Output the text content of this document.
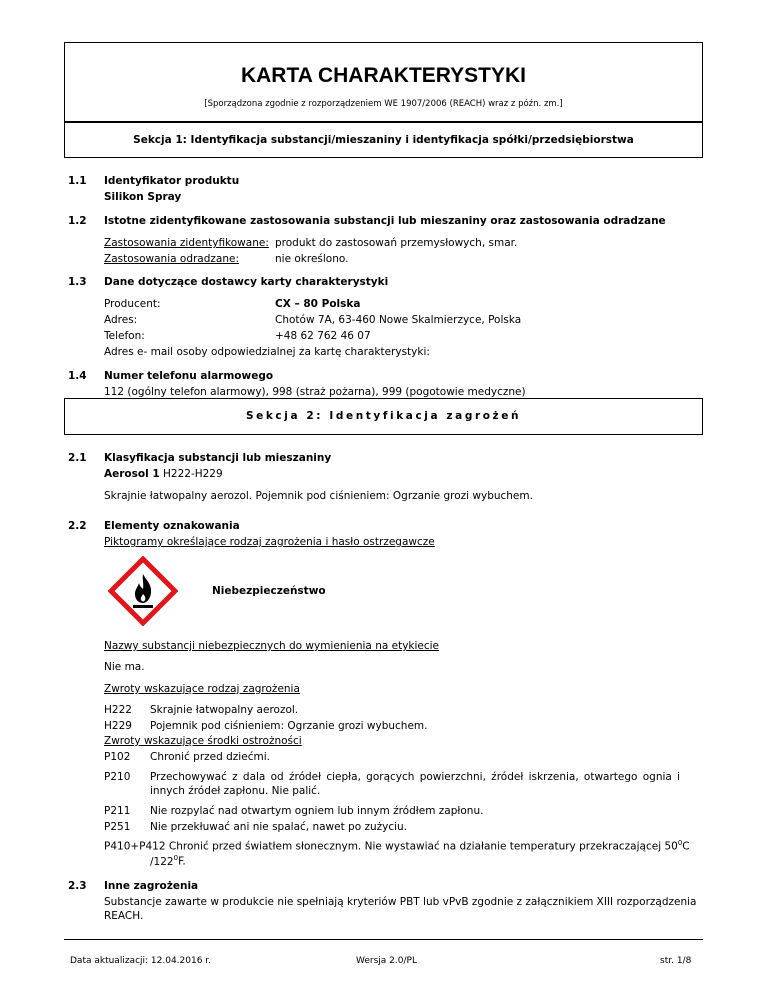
KARTA CHARAKTERYSTYKI
[Sporządzona zgodnie z rozporządzeniem WE 1907/2006 (REACH) wraz z późn. zm.]
Sekcja 1: Identyfikacja substancji/mieszaniny i identyfikacja spółki/przedsiębiorstwa
1.1 Identyfikator produktu
Silikon Spray
1.2 Istotne zidentyfikowane zastosowania substancji lub mieszaniny oraz zastosowania odradzane
Zastosowania zidentyfikowane: produkt do zastosowań przemysłowych, smar.
Zastosowania odradzane:	nie określono.
1.3 Dane dotyczące dostawcy karty charakterystyki
Producent:	CX – 80 Polska
Adres:	Chotów 7A, 63-460 Nowe Skalmierzyce, Polska
Telefon:	+48 62 762 46 07
Adres e- mail osoby odpowiedzialnej za kartę charakterystyki:
1.4 Numer telefonu alarmowego
112 (ogólny telefon alarmowy), 998 (straż pożarna), 999 (pogotowie medyczne)
Sekcja 2: Identyfikacja zagrożeń
2.1 Klasyfikacja substancji lub mieszaniny
Aerosol 1 H222-H229
Skrajnie łatwopalny aerozol. Pojemnik pod ciśnieniem: Ogrzanie grozi wybuchem.
2.2 Elementy oznakowania
Piktogramy określające rodzaj zagrożenia i hasło ostrzegawcze
Niebezpieczeństwo
Nazwy substancji niebezpiecznych do wymienienia na etykiecie
Nie ma.
Zwroty wskazujące rodzaj zagrożenia
H222 Skrajnie łatwopalny aerozol.
H229 Pojemnik pod ciśnieniem: Ogrzanie grozi wybuchem.
Zwroty wskazujące środki ostrożności
P102 Chronić przed dziećmi.
P210 Przechowywać z dala od źródeł ciepła, gorących powierzchni, źródeł iskrzenia, otwartego ognia i innych źródeł zapłonu. Nie palić.
P211 Nie rozpylać nad otwartym ogniem lub innym źródłem zapłonu.
P251 Nie przekłuwać ani nie spalać, nawet po zużyciu.
P410+P412 Chronić przed światłem słonecznym. Nie wystawiać na działanie temperatury przekraczającej $50^0C$
$/122^0F$.
2.3 Inne zagrożenia
Substancje zawarte w produkcie nie spełniają kryteriów PBT lub vPvB zgodnie z załącznikiem XIII rozporządzenia REACH.
Data aktualizacji: 12.04.2016 r.	Wersja 2.0/PL	str. 1/8
